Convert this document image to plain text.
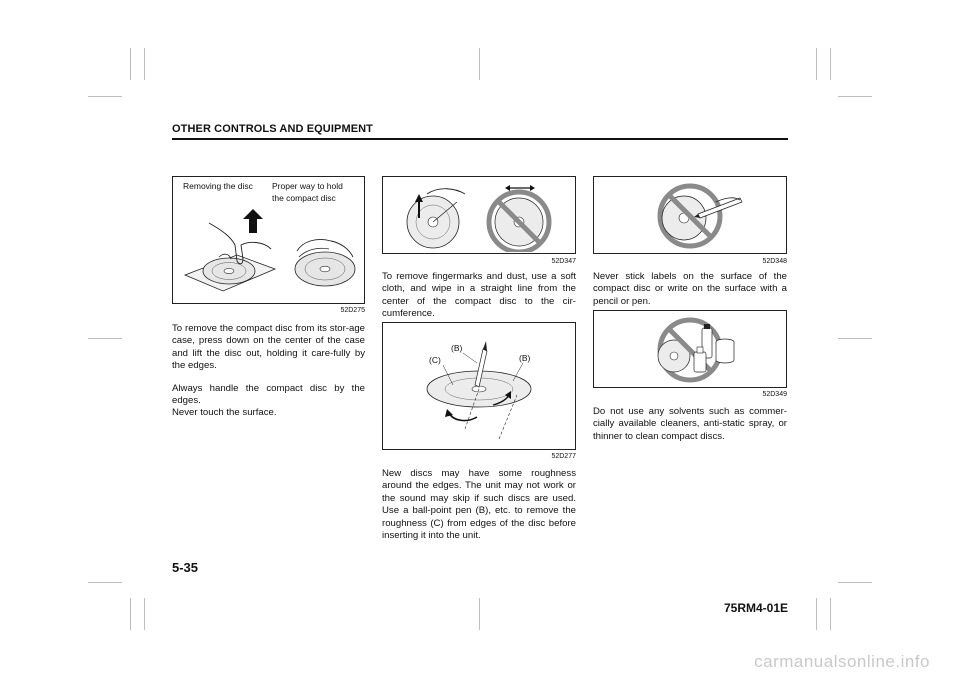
OTHER CONTROLS AND EQUIPMENT
Removing the disc Proper way to hold
the compact disc
52D275

To remove the compact disc from its stor-age case, press down on the center of the case and lift the disc out, holding it care-fully by the edges.

Always handle the compact disc by the edges.

Never touch the surface.

52D347

To remove fingermarks and dust, use a soft cloth, and wipe in a straight line from the center of the compact disc to the cir-cumference.

(B)
(C)	(B)
52D277

New discs may have some roughness around the edges. The unit may not work or the sound may skip if such discs are used. Use a ball-point pen (B), etc. to remove the roughness (C) from edges of the disc before inserting it into the unit.

52D348

Never stick labels on the surface of the compact disc or write on the surface with a pencil or pen.

52D349

Do not use any solvents such as commer-cially available cleaners, anti-static spray, or thinner to clean compact discs.

5-35
75RM4-01E
carmanualsonline.info
